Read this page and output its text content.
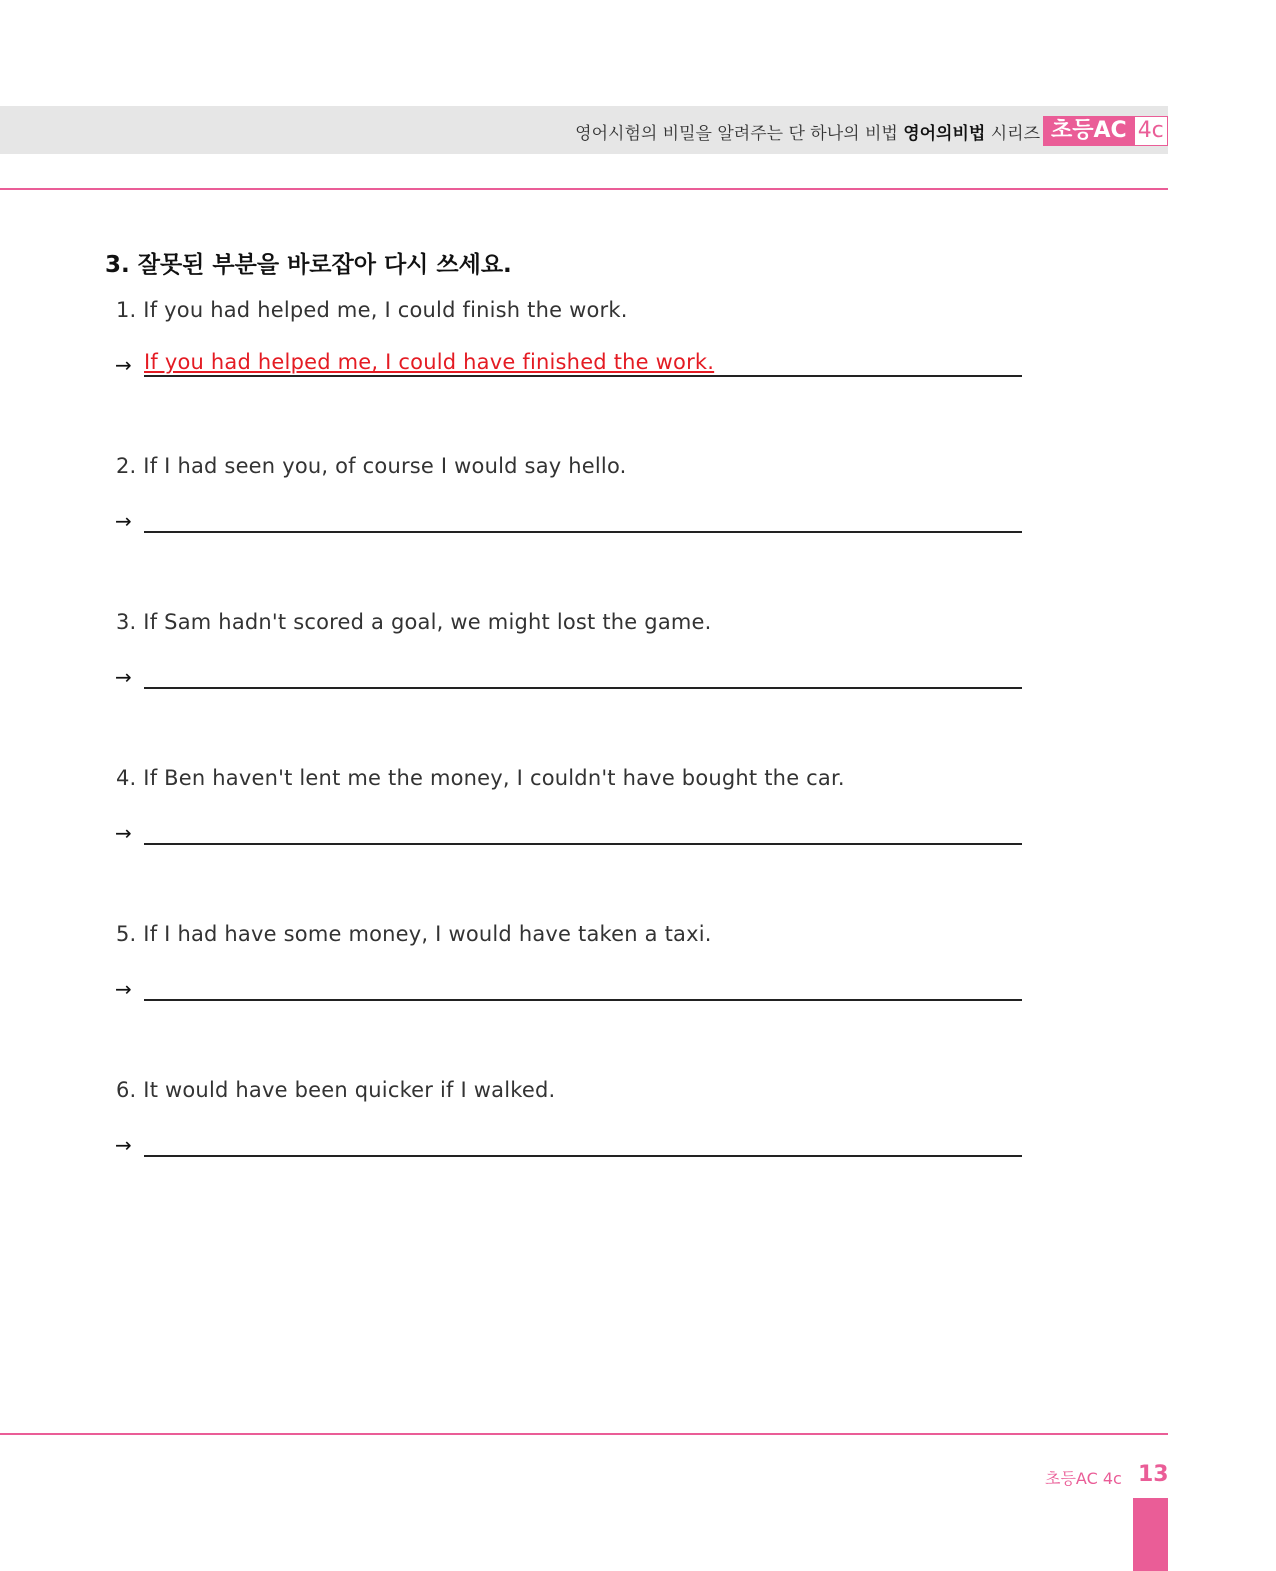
영어시험의 비밀을 알려주는 단 하나의 비법 영어의비법 시리즈 초등AC 4c
3. 잘못된 부분을 바로잡아 다시 쓰세요.
1. If you had helped me, I could finish the work.
→ If you had helped me, I could have finished the work.
2. If I had seen you, of course I would say hello.
→
3. If Sam hadn't scored a goal, we might lost the game.
→
4. If Ben haven't lent me the money, I couldn't have bought the car.
→
5. If I had have some money, I would have taken a taxi.
→
6. It would have been quicker if I walked.
→
초등AC 4c 13
